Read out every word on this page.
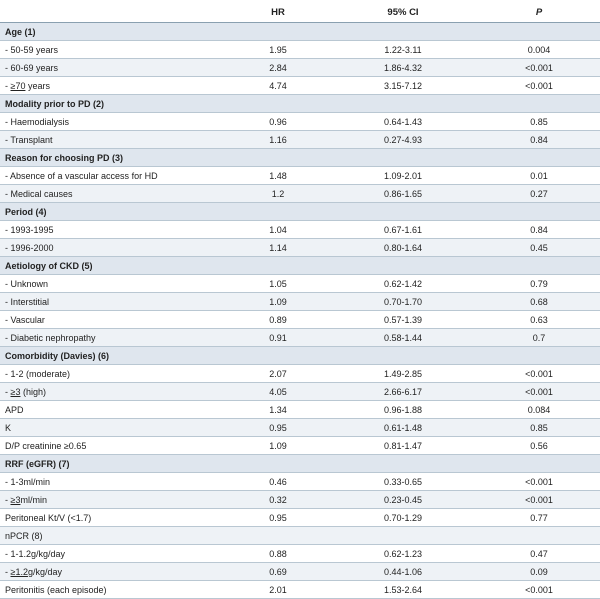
	HR	95% CI	P
Age (1)			
- 50-59 years	1.95	1.22-3.11	0.004
- 60-69 years	2.84	1.86-4.32	<0.001
- ≥70 years	4.74	3.15-7.12	<0.001
Modality prior to PD (2)			
- Haemodialysis	0.96	0.64-1.43	0.85
- Transplant	1.16	0.27-4.93	0.84
Reason for choosing PD (3)			
- Absence of a vascular access for HD	1.48	1.09-2.01	0.01
- Medical causes	1.2	0.86-1.65	0.27
Period (4)			
- 1993-1995	1.04	0.67-1.61	0.84
- 1996-2000	1.14	0.80-1.64	0.45
Aetiology of CKD (5)			
- Unknown	1.05	0.62-1.42	0.79
- Interstitial	1.09	0.70-1.70	0.68
- Vascular	0.89	0.57-1.39	0.63
- Diabetic nephropathy	0.91	0.58-1.44	0.7
Comorbidity (Davies) (6)			
- 1-2 (moderate)	2.07	1.49-2.85	<0.001
- ≥3 (high)	4.05	2.66-6.17	<0.001
APD	1.34	0.96-1.88	0.084
K	0.95	0.61-1.48	0.85
D/P creatinine ≥0.65	1.09	0.81-1.47	0.56
RRF (eGFR) (7)			
- 1-3ml/min	0.46	0.33-0.65	<0.001
- ≥3ml/min	0.32	0.23-0.45	<0.001
Peritoneal Kt/V (<1.7)	0.95	0.70-1.29	0.77
nPCR (8)			
- 1-1.2g/kg/day	0.88	0.62-1.23	0.47
- ≥1.2g/kg/day	0.69	0.44-1.06	0.09
Peritonitis (each episode)	2.01	1.53-2.64	<0.001
